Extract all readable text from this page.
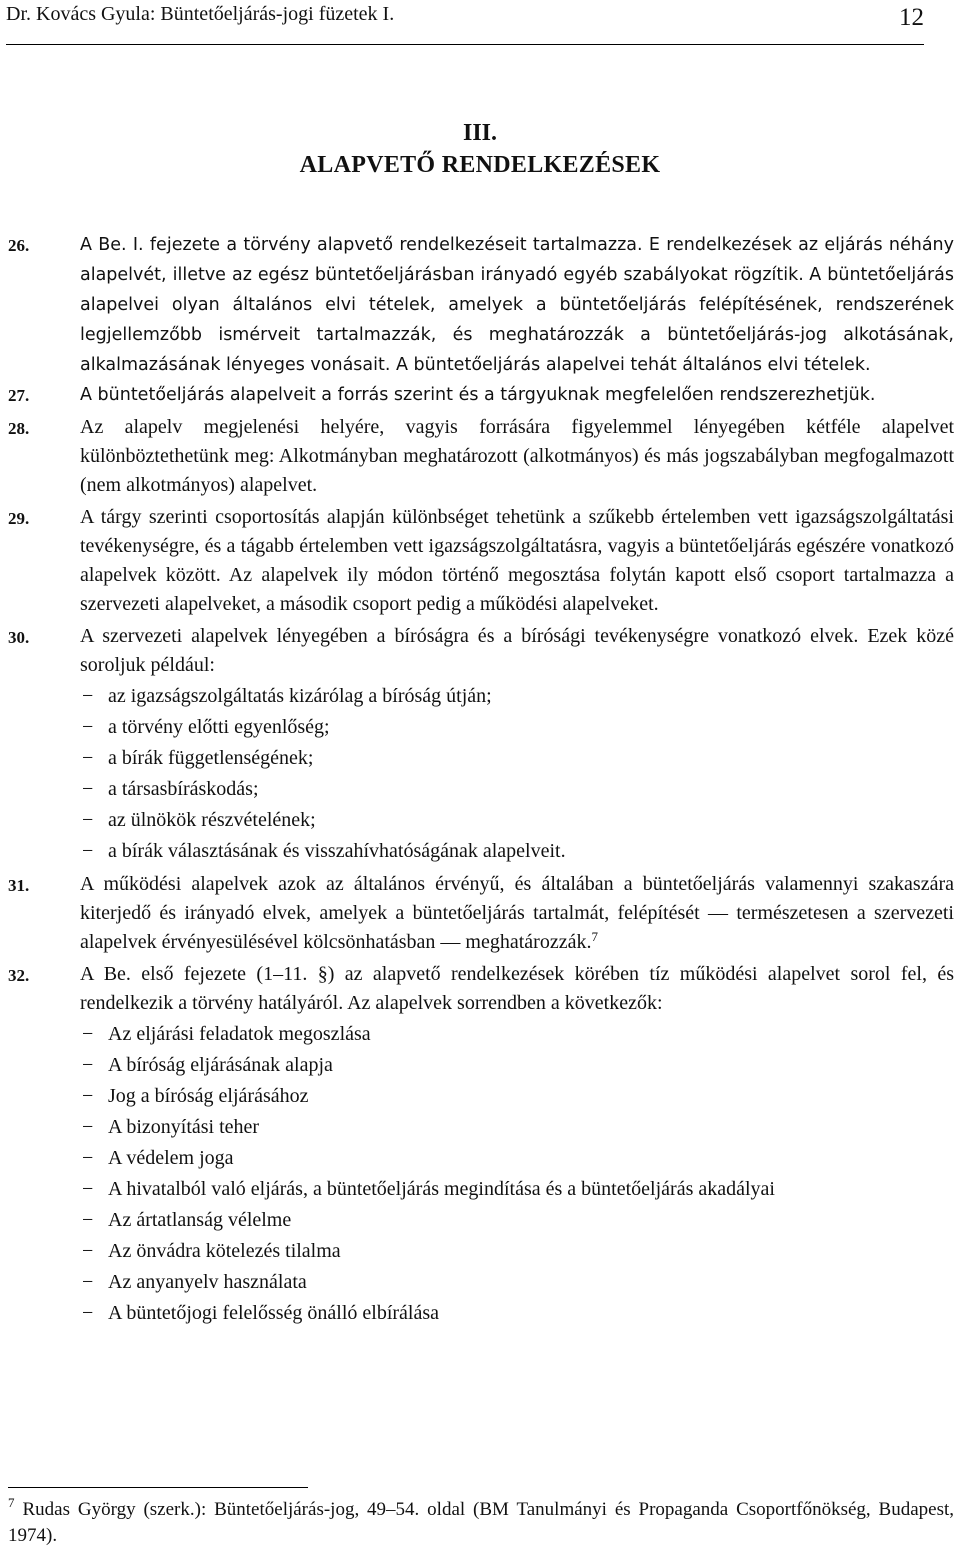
Dr. Kovács Gyula: Büntetőeljárás-jogi füzetek I.	12
III.
ALAPVETŐ RENDELKEZÉSEK

26.	A Be. I. fejezete a törvény alapvető rendelkezéseit tartalmazza. E rendelkezések az eljárás néhány alapelvét, illetve az egész büntetőeljárásban irányadó egyéb szabályokat rögzítik. A büntetőeljárás alapelvei olyan általános elvi tételek, amelyek a büntetőeljárás felépítésének, rendszerének legjellemzőbb ismérveit tartalmazzák, és meghatározzák a büntetőeljárás-jog alkotásának, alkalmazásának lényeges vonásait. A büntetőeljárás alapelvei tehát általános elvi tételek.

27.	A büntetőeljárás alapelveit a forrás szerint és a tárgyuknak megfelelően rendszerezhetjük.

28.	Az alapelv megjelenési helyére, vagyis forrására figyelemmel lényegében kétféle alapelvet különböztethetünk meg: Alkotmányban meghatározott (alkotmányos) és más jogszabályban megfogalmazott (nem alkotmányos) alapelvet.

29.	A tárgy szerinti csoportosítás alapján különbséget tehetünk a szűkebb értelemben vett igazságszolgáltatási tevékenységre, és a tágabb értelemben vett igazságszolgáltatásra, vagyis a büntetőeljárás egészére vonatkozó alapelvek között. Az alapelvek ily módon történő megosztása folytán kapott első csoport tartalmazza a szervezeti alapelveket, a második csoport pedig a működési alapelveket.

30.	A szervezeti alapelvek lényegében a bíróságra és a bírósági tevékenységre vonatkozó elvek. Ezek közé soroljuk például:
− az igazságszolgáltatás kizárólag a bíróság útján;
− a törvény előtti egyenlőség;
− a bírák függetlenségének;
− a társasbíráskodás;
− az ülnökök részvételének;
− a bírák választásának és visszahívhatóságának alapelveit.

31.	A működési alapelvek azok az általános érvényű, és általában a büntetőeljárás valamennyi szakaszára kiterjedő és irányadó elvek, amelyek a büntetőeljárás tartalmát, felépítését — természetesen a szervezeti alapelvek érvényesülésével kölcsönhatásban — meghatározzák.$^7$

32.	A Be. első fejezete (1–11. §) az alapvető rendelkezések körében tíz működési alapelvet sorol fel, és rendelkezik a törvény hatályáról. Az alapelvek sorrendben a következők:
− Az eljárási feladatok megoszlása
− A bíróság eljárásának alapja
− Jog a bíróság eljárásához
− A bizonyítási teher
− A védelem joga
− A hivatalból való eljárás, a büntetőeljárás megindítása és a büntetőeljárás akadályai
− Az ártatlanság vélelme
− Az önvádra kötelezés tilalma
− Az anyanyelv használata
− A büntetőjogi felelősség önálló elbírálása
$^7$ Rudas György (szerk.): Büntetőeljárás-jog, 49–54. oldal (BM Tanulmányi és Propaganda Csoportfőnökség, Budapest, 1974).
